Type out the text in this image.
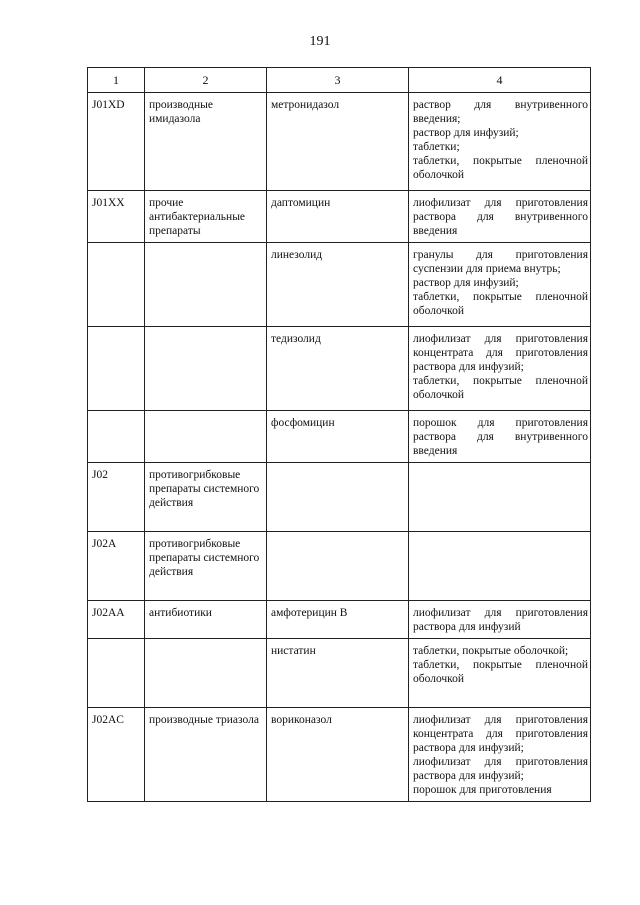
191
1	2	3	4
J01XD	производные имидазола	метронидазол	раствор для внутривенного введения;
раствор для инфузий;
таблетки;
таблетки, покрытые пленочной оболочкой

J01XX	прочие антибактериальные препараты	даптомицин	лиофилизат для приготовления раствора для внутривенного введения

		линезолид	гранулы для приготовления суспензии для приема внутрь;
раствор для инфузий;
таблетки, покрытые пленочной оболочкой

		тедизолид	лиофилизат для приготовления концентрата для приготовления раствора для инфузий;
таблетки, покрытые пленочной оболочкой

		фосфомицин	порошок для приготовления раствора для внутривенного введения

J02	противогрибковые препараты системного действия		
J02A	противогрибковые препараты системного действия		
J02AA	антибиотики	амфотерицин B	лиофилизат для приготовления раствора для инфузий

		нистатин	таблетки, покрытые оболочкой;
таблетки, покрытые пленочной оболочкой

J02AC	производные триазола	вориконазол	лиофилизат для приготовления концентрата для приготовления раствора для инфузий;
лиофилизат для приготовления раствора для инфузий;
порошок для приготовления
